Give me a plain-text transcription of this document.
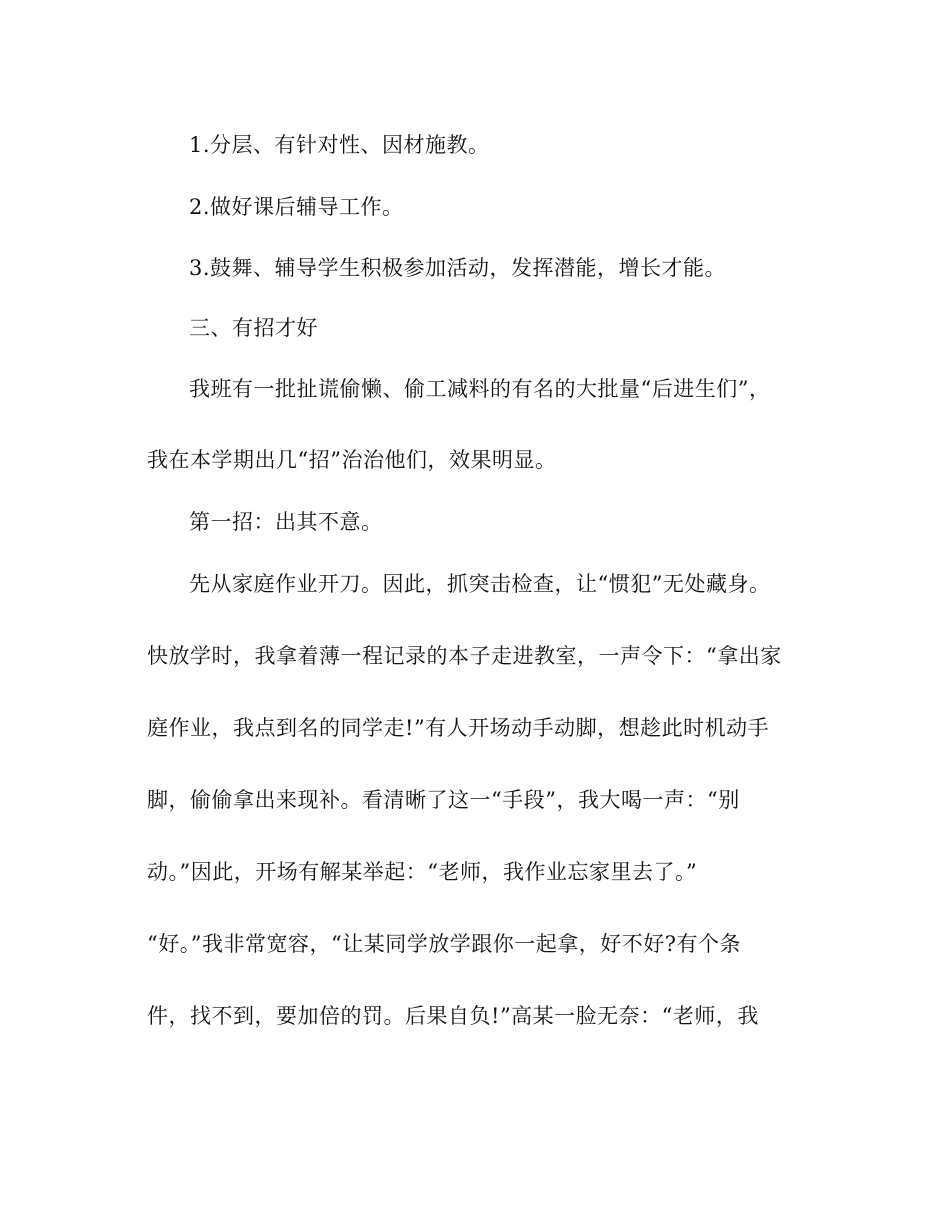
1.分层、有针对性、因材施教。
2.做好课后辅导工作。
3.鼓舞、辅导学生积极参加活动，发挥潜能，增长才能。
三、有招才好
我班有一批扯谎偷懒、偷工减料的有名的大批量“后进生们”，
我在本学期出几“招”治治他们，效果明显。
第一招：出其不意。
先从家庭作业开刀。因此，抓突击检查，让“惯犯”无处藏身。
快放学时，我拿着薄一程记录的本子走进教室，一声令下：“拿出家
庭作业，我点到名的同学走!”有人开场动手动脚，想趁此时机动手
脚，偷偷拿出来现补。看清晰了这一“手段”，我大喝一声：“别
动。”因此，开场有解某举起：“老师，我作业忘家里去了。”
“好。”我非常宽容，“让某同学放学跟你一起拿，好不好?有个条
件，找不到，要加倍的罚。后果自负!”高某一脸无奈：“老师，我
